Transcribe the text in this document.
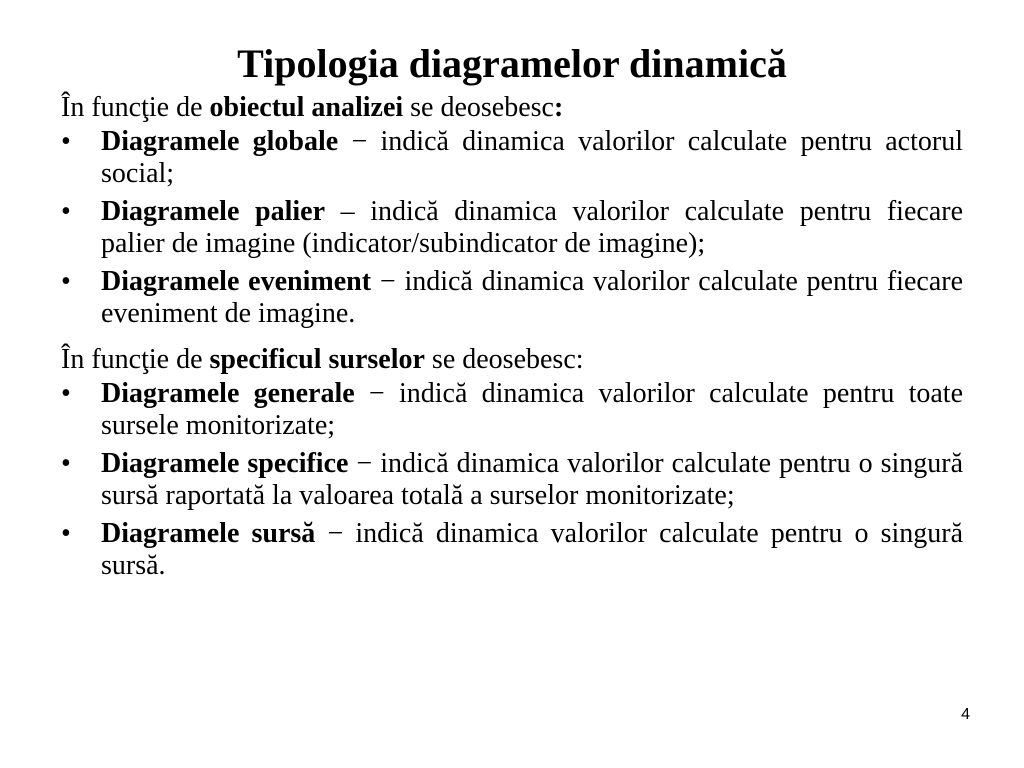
Tipologia diagramelor dinamică

În funcţie de obiectul analizei se deosebesc:

• Diagramele globale − indică dinamica valorilor calculate pentru actorul social;
• Diagramele palier – indică dinamica valorilor calculate pentru fiecare palier de imagine (indicator/subindicator de imagine);
• Diagramele eveniment − indică dinamica valorilor calculate pentru fiecare eveniment de imagine.

În funcţie de specificul surselor se deosebesc:

• Diagramele generale − indică dinamica valorilor calculate pentru toate sursele monitorizate;
• Diagramele specifice − indică dinamica valorilor calculate pentru o singură sursă raportată la valoarea totală a surselor monitorizate;
• Diagramele sursă − indică dinamica valorilor calculate pentru o singură sursă.
4
